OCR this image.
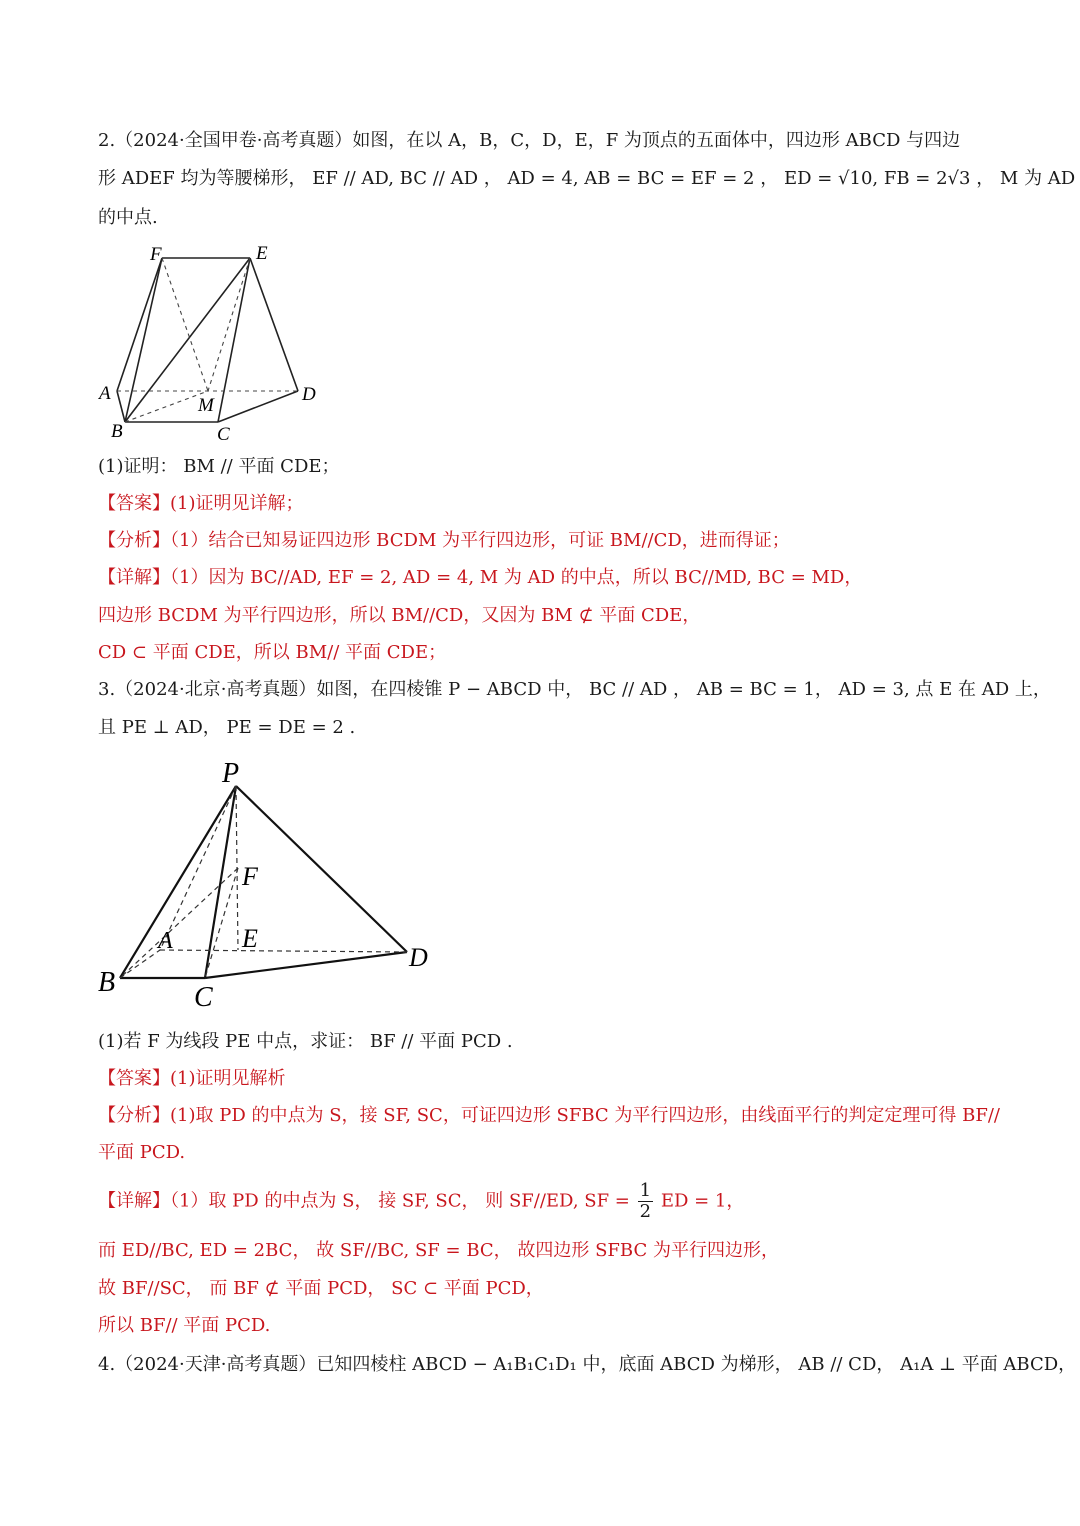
2.（2024·全国甲卷·高考真题）如图，在以 A，B，C，D，E，F 为顶点的五面体中，四边形 ABCD 与四边
形 ADEF 均为等腰梯形， EF // AD, BC // AD ， AD = 4, AB = BC = EF = 2 ， ED = √10, FB = 2√3 ， M 为 AD
的中点.
F	E
A
M
D
B	C
(1)证明： BM // 平面 CDE；
【答案】(1)证明见详解；
【分析】（1）结合已知易证四边形 BCDM 为平行四边形，可证 BM//CD，进而得证；
【详解】（1）因为 BC//AD, EF = 2, AD = 4, M 为 AD 的中点，所以 BC//MD, BC = MD，
四边形 BCDM 为平行四边形，所以 BM//CD，又因为 BM ⊄ 平面 CDE，
CD ⊂ 平面 CDE，所以 BM// 平面 CDE；
3.（2024·北京·高考真题）如图，在四棱锥 P − ABCD 中， BC // AD ， AB = BC = 1， AD = 3, 点 E 在 AD 上，
且 PE ⊥ AD， PE = DE = 2 .
P
F
A	E
D
B	C
(1)若 F 为线段 PE 中点，求证： BF // 平面 PCD .
【答案】(1)证明见解析
【分析】(1)取 PD 的中点为 S，接 SF, SC，可证四边形 SFBC 为平行四边形，由线面平行的判定定理可得 BF//
平面 PCD.
【详解】（1）取 PD 的中点为 S， 接 SF, SC， 则 SF//ED, SF = $\frac{1}{2}$ ED = 1，
而 ED//BC, ED = 2BC， 故 SF//BC, SF = BC， 故四边形 SFBC 为平行四边形，
故 BF//SC， 而 BF ⊄ 平面 PCD， SC ⊂ 平面 PCD，
所以 BF// 平面 PCD.
4.（2024·天津·高考真题）已知四棱柱 ABCD − A₁B₁C₁D₁ 中，底面 ABCD 为梯形， AB // CD， A₁A ⊥ 平面 ABCD，
